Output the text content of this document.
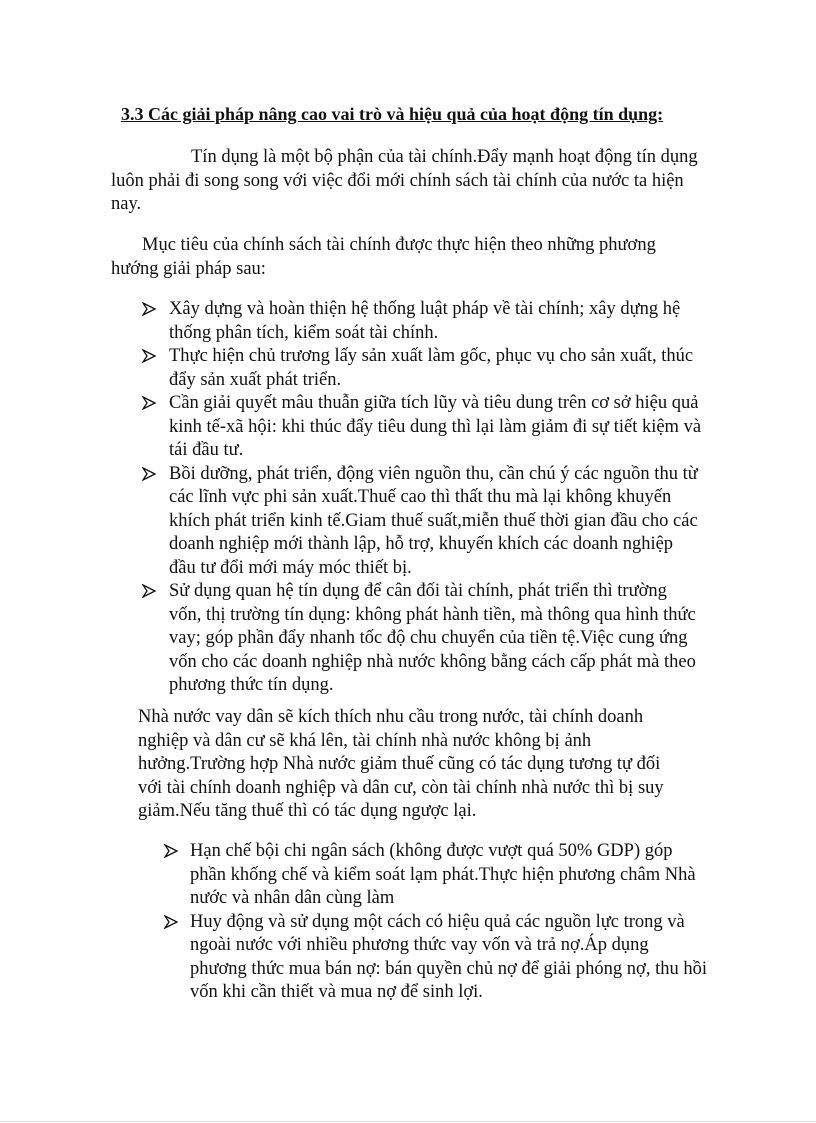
3.3 Các giải pháp nâng cao vai trò và hiệu quả của hoạt động tín dụng:

Tín dụng là một bộ phận của tài chính.Đẩy mạnh hoạt động tín dụng luôn phải đi song song với việc đổi mới chính sách tài chính của nước ta hiện nay.

Mục tiêu của chính sách tài chính được thực hiện theo những phương hướng giải pháp sau:

Xây dựng và hoàn thiện hệ thống luật pháp về tài chính; xây dựng hệ thống phân tích, kiểm soát tài chính.
Thực hiện chủ trương lấy sản xuất làm gốc, phục vụ cho sản xuất, thúc đẩy sản xuất phát triển.
Cần giải quyết mâu thuẫn giữa tích lũy và tiêu dung trên cơ sở hiệu quả kinh tế-xã hội: khi thúc đẩy tiêu dung thì lại làm giảm đi sự tiết kiệm và tái đầu tư.
Bồi dưỡng, phát triển, động viên nguồn thu, cần chú ý các nguồn thu từ các lĩnh vực phi sản xuất.Thuế cao thì thất thu mà lại không khuyến khích phát triển kinh tế.Giam thuế suất,miễn thuế thời gian đầu cho các doanh nghiệp mới thành lập, hỗ trợ, khuyến khích các doanh nghiệp đầu tư đổi mới máy móc thiết bị.
Sử dụng quan hệ tín dụng để cân đối tài chính, phát triển thì trường vốn, thị trường tín dụng: không phát hành tiền, mà thông qua hình thức vay; góp phần đẩy nhanh tốc độ chu chuyển của tiền tệ.Việc cung ứng vốn cho các doanh nghiệp nhà nước không bằng cách cấp phát mà theo phương thức tín dụng.

Nhà nước vay dân sẽ kích thích nhu cầu trong nước, tài chính doanh nghiệp và dân cư sẽ khá lên, tài chính nhà nước không bị ảnh hưởng.Trường hợp Nhà nước giảm thuế cũng có tác dụng tương tự đối với tài chính doanh nghiệp và dân cư, còn tài chính nhà nước thì bị suy giảm.Nếu tăng thuế thì có tác dụng ngược lại.

Hạn chế bội chi ngân sách (không được vượt quá 50% GDP) góp phần khống chế và kiểm soát lạm phát.Thực hiện phương châm Nhà nước và nhân dân cùng làm
Huy động và sử dụng một cách có hiệu quả các nguồn lực trong và ngoài nước với nhiều phương thức vay vốn và trả nợ.Áp dụng phương thức mua bán nợ: bán quyền chủ nợ để giải phóng nợ, thu hồi vốn khi cần thiết và mua nợ để sinh lợi.
